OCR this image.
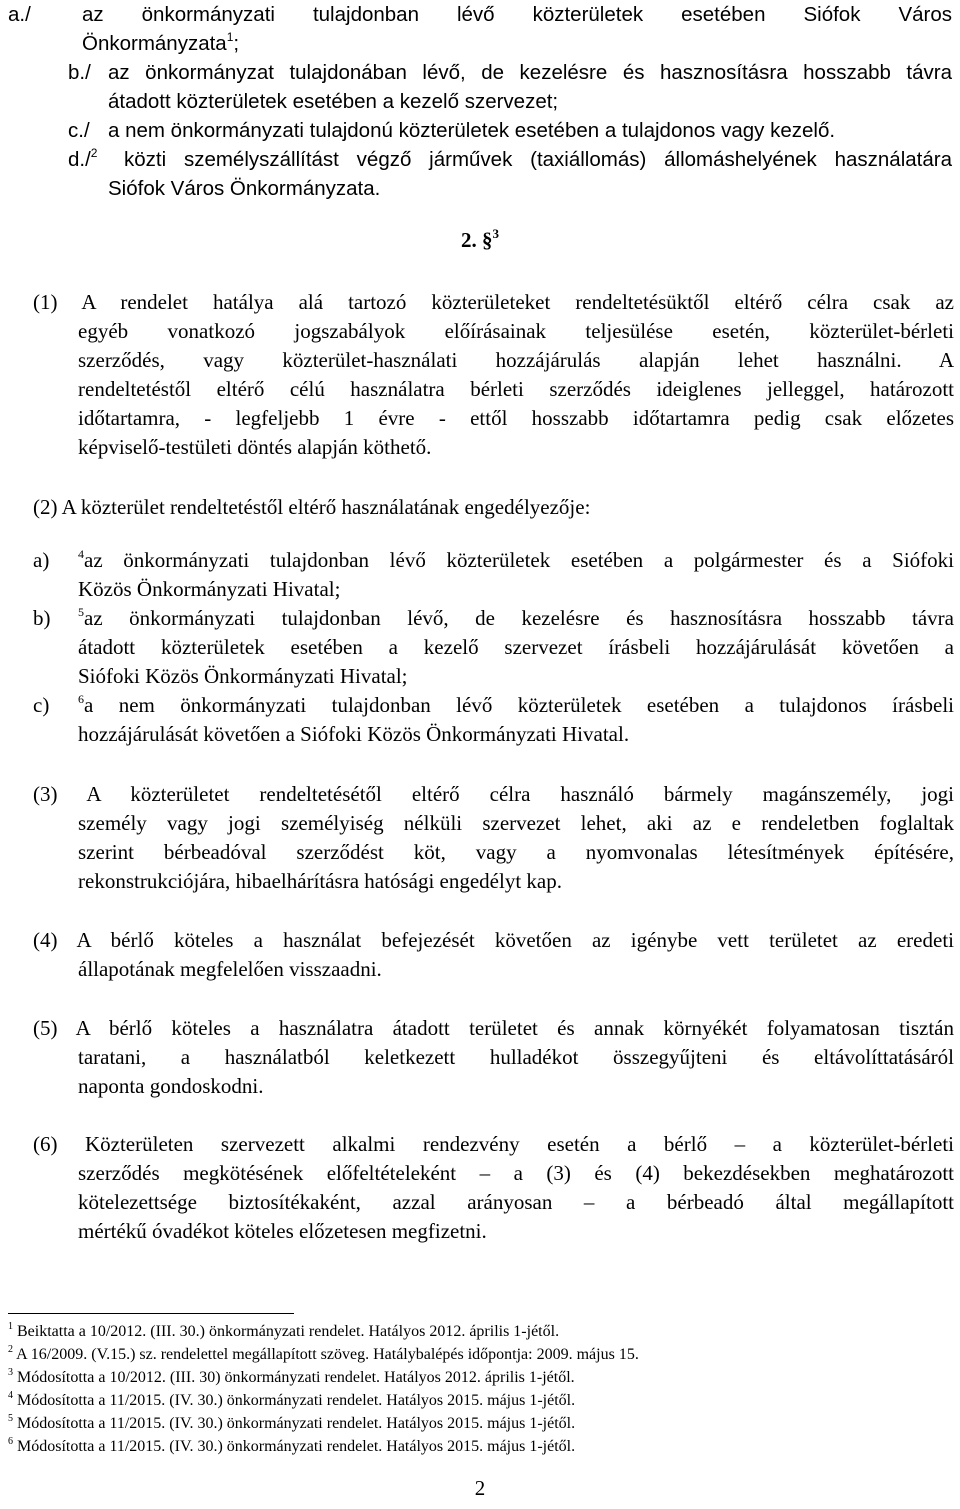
a./ az önkormányzati tulajdonban lévő közterületek esetében Siófok Város
Önkormányzata$^1$;
b./ az önkormányzat tulajdonában lévő, de kezelésre és hasznosításra hosszabb távra
átadott közterületek esetében a kezelő szervezet;
c./ a nem önkormányzati tulajdonú közterületek esetében a tulajdonos vagy kezelő.
d./$^2$ közti személyszállítást végző járművek (taxiállomás) állomáshelyének használatára
Siófok Város Önkormányzata.
2. §$^3$
(1) A rendelet hatálya alá tartozó közterületeket rendeltetésüktől eltérő célra csak az
egyéb vonatkozó jogszabályok előírásainak teljesülése esetén, közterület-bérleti
szerződés, vagy közterület-használati hozzájárulás alapján lehet használni. A
rendeltetéstől eltérő célú használatra bérleti szerződés ideiglenes jelleggel, határozott
időtartamra, - legfeljebb 1 évre - ettől hosszabb időtartamra pedig csak előzetes
képviselő-testületi döntés alapján köthető.
(2) A közterület rendeltetéstől eltérő használatának engedélyezője:
a) $^4$az önkormányzati tulajdonban lévő közterületek esetében a polgármester és a Siófoki
Közös Önkormányzati Hivatal;
b) $^5$az önkormányzati tulajdonban lévő, de kezelésre és hasznosításra hosszabb távra
átadott közterületek esetében a kezelő szervezet írásbeli hozzájárulását követően a
Siófoki Közös Önkormányzati Hivatal;
c) $^6$a nem önkormányzati tulajdonban lévő közterületek esetében a tulajdonos írásbeli
hozzájárulását követően a Siófoki Közös Önkormányzati Hivatal.
(3) A közterületet rendeltetésétől eltérő célra használó bármely magánszemély, jogi
személy vagy jogi személyiség nélküli szervezet lehet, aki az e rendeletben foglaltak
szerint bérbeadóval szerződést köt, vagy a nyomvonalas létesítmények építésére,
rekonstrukciójára, hibaelhárításra hatósági engedélyt kap.
(4) A bérlő köteles a használat befejezését követően az igénybe vett területet az eredeti
állapotának megfelelően visszaadni.
(5) A bérlő köteles a használatra átadott területet és annak környékét folyamatosan tisztán
taratani, a használatból keletkezett hulladékot összegyűjteni és eltávolíttatásáról
naponta gondoskodni.
(6) Közterületen szervezett alkalmi rendezvény esetén a bérlő – a közterület-bérleti
szerződés megkötésének előfeltételeként – a (3) és (4) bekezdésekben meghatározott
kötelezettsége biztosítékaként, azzal arányosan – a bérbeadó által megállapított
mértékű óvadékot köteles előzetesen megfizetni.
$^1$ Beiktatta a 10/2012. (III. 30.) önkormányzati rendelet. Hatályos 2012. április 1-jétől.
$^2$ A 16/2009. (V.15.) sz. rendelettel megállapított szöveg. Hatálybalépés időpontja: 2009. május 15.
$^3$ Módosította a 10/2012. (III. 30) önkormányzati rendelet. Hatályos 2012. április 1-jétől.
$^4$ Módosította a 11/2015. (IV. 30.) önkormányzati rendelet. Hatályos 2015. május 1-jétől.
$^5$ Módosította a 11/2015. (IV. 30.) önkormányzati rendelet. Hatályos 2015. május 1-jétől.
$^6$ Módosította a 11/2015. (IV. 30.) önkormányzati rendelet. Hatályos 2015. május 1-jétől.
2
